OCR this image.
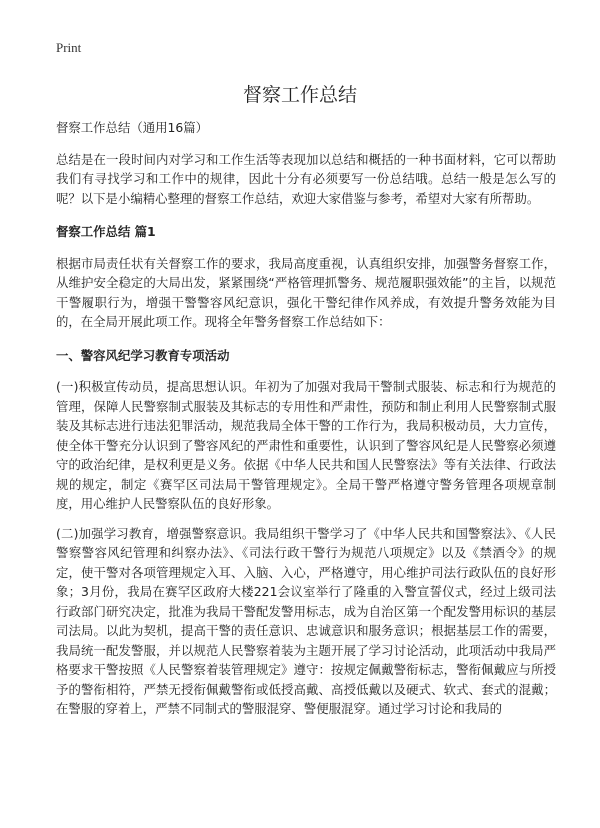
Print
督察工作总结

督察工作总结（通用16篇）

总结是在一段时间内对学习和工作生活等表现加以总结和概括的一种书面材料，它可以帮助我们有寻找学习和工作中的规律，因此十分有必须要写一份总结哦。总结一般是怎么写的呢？以下是小编精心整理的督察工作总结，欢迎大家借鉴与参考，希望对大家有所帮助。

督察工作总结 篇1

根据市局责任状有关督察工作的要求，我局高度重视，认真组织安排，加强警务督察工作，从维护安全稳定的大局出发，紧紧围绕“严格管理抓警务、规范履职强效能”的主旨，以规范干警履职行为，增强干警警容风纪意识，强化干警纪律作风养成，有效提升警务效能为目的，在全局开展此项工作。现将全年警务督察工作总结如下：

一、警容风纪学习教育专项活动

(一)积极宣传动员，提高思想认识。年初为了加强对我局干警制式服装、标志和行为规范的管理，保障人民警察制式服装及其标志的专用性和严肃性，预防和制止利用人民警察制式服装及其标志进行违法犯罪活动，规范我局全体干警的工作行为，我局积极动员，大力宣传，使全体干警充分认识到了警容风纪的严肃性和重要性，认识到了警容风纪是人民警察必须遵守的政治纪律，是权利更是义务。依据《中华人民共和国人民警察法》等有关法律、行政法规的规定，制定《赛罕区司法局干警管理规定》。全局干警严格遵守警务管理各项规章制度，用心维护人民警察队伍的良好形象。

(二)加强学习教育，增强警察意识。我局组织干警学习了《中华人民共和国警察法》、《人民警察警容风纪管理和纠察办法》、《司法行政干警行为规范八项规定》以及《禁酒令》的规定，使干警对各项管理规定入耳、入脑、入心，严格遵守，用心维护司法行政队伍的良好形象；3月份，我局在赛罕区政府大楼221会议室举行了隆重的入警宣誓仪式，经过上级司法行政部门研究决定，批准为我局干警配发警用标志，成为自治区第一个配发警用标识的基层司法局。以此为契机，提高干警的责任意识、忠诚意识和服务意识；根据基层工作的需要，我局统一配发警服，并以规范人民警察着装为主题开展了学习讨论活动，此项活动中我局严格要求干警按照《人民警察着装管理规定》遵守：按规定佩戴警衔标志，警衔佩戴应与所授予的警衔相符，严禁无授衔佩戴警衔或低授高戴、高授低戴以及硬式、软式、套式的混戴；在警服的穿着上，严禁不同制式的警服混穿、警便服混穿。通过学习讨论和我局的
